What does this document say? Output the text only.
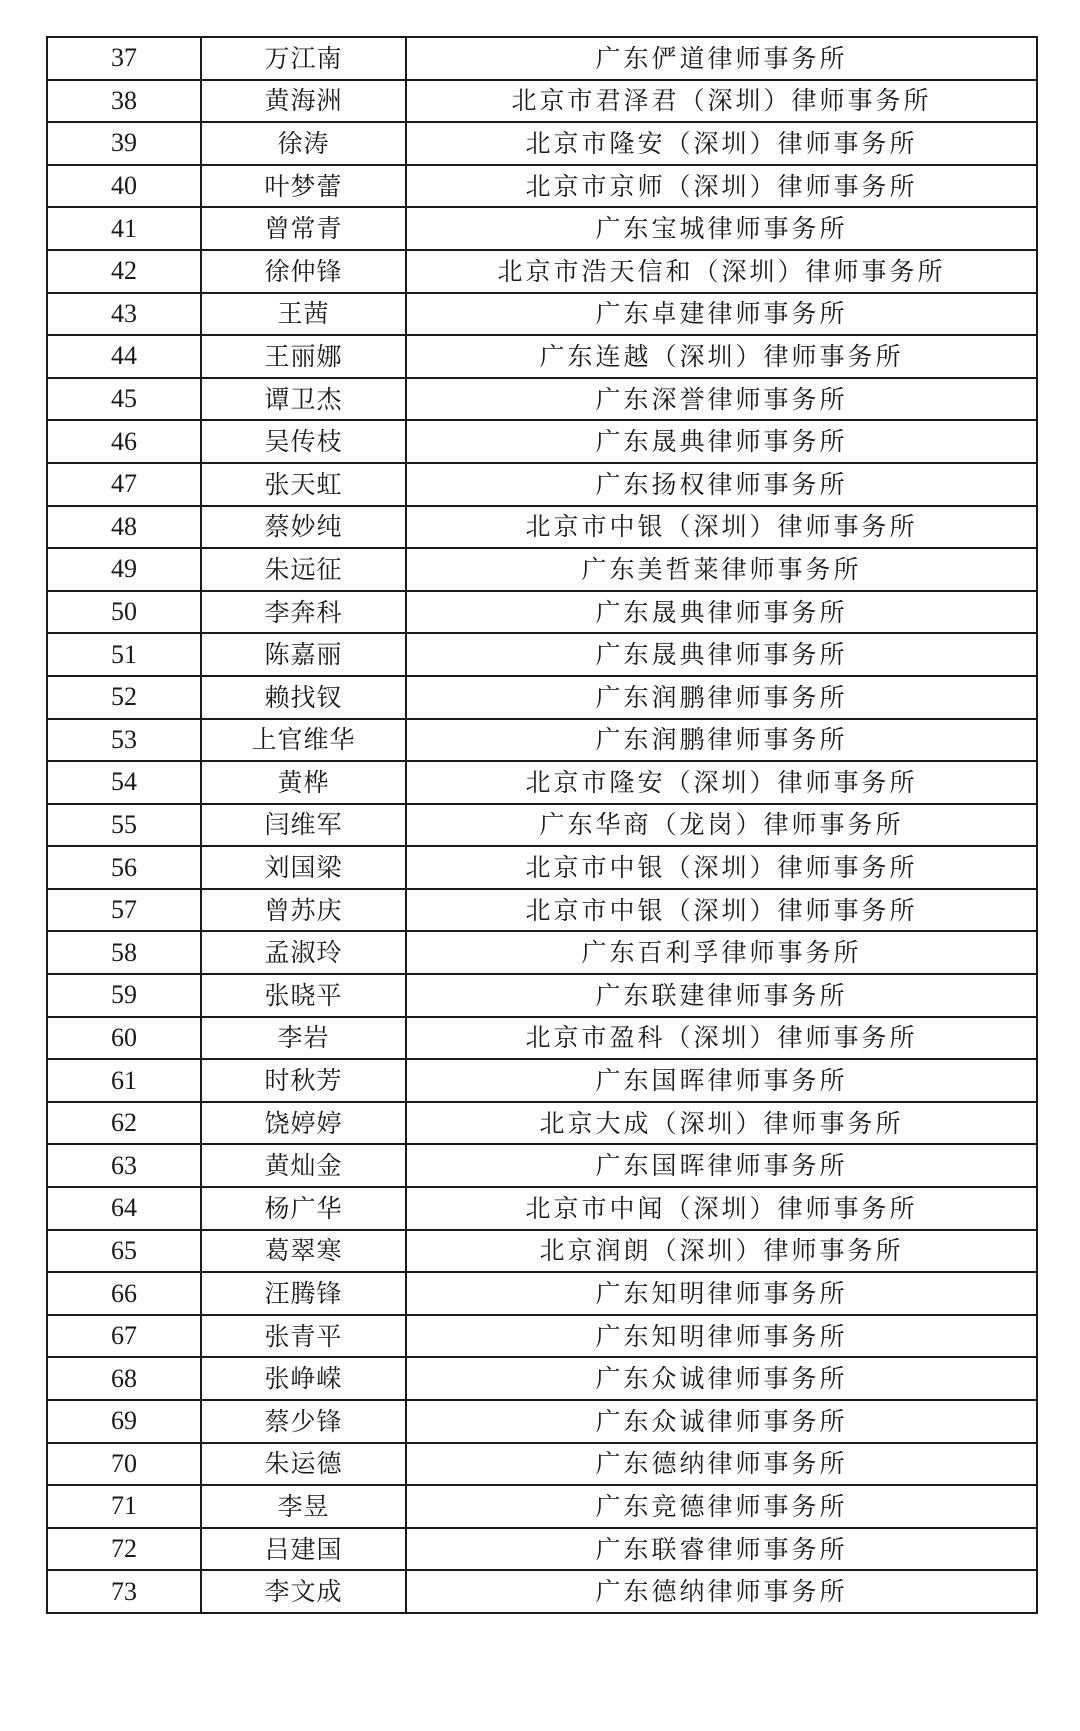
37	万江南	广东俨道律师事务所
38	黄海洲	北京市君泽君（深圳）律师事务所
39	徐涛	北京市隆安（深圳）律师事务所
40	叶梦蕾	北京市京师（深圳）律师事务所
41	曾常青	广东宝城律师事务所
42	徐仲锋	北京市浩天信和（深圳）律师事务所
43	王茜	广东卓建律师事务所
44	王丽娜	广东连越（深圳）律师事务所
45	谭卫杰	广东深誉律师事务所
46	吴传枝	广东晟典律师事务所
47	张天虹	广东扬权律师事务所
48	蔡妙纯	北京市中银（深圳）律师事务所
49	朱远征	广东美哲莱律师事务所
50	李奔科	广东晟典律师事务所
51	陈嘉丽	广东晟典律师事务所
52	赖找钗	广东润鹏律师事务所
53	上官维华	广东润鹏律师事务所
54	黄桦	北京市隆安（深圳）律师事务所
55	闫维军	广东华商（龙岗）律师事务所
56	刘国梁	北京市中银（深圳）律师事务所
57	曾苏庆	北京市中银（深圳）律师事务所
58	孟淑玲	广东百利孚律师事务所
59	张晓平	广东联建律师事务所
60	李岩	北京市盈科（深圳）律师事务所
61	时秋芳	广东国晖律师事务所
62	饶婷婷	北京大成（深圳）律师事务所
63	黄灿金	广东国晖律师事务所
64	杨广华	北京市中闻（深圳）律师事务所
65	葛翠寒	北京润朗（深圳）律师事务所
66	汪腾锋	广东知明律师事务所
67	张青平	广东知明律师事务所
68	张峥嵘	广东众诚律师事务所
69	蔡少锋	广东众诚律师事务所
70	朱运德	广东德纳律师事务所
71	李昱	广东竞德律师事务所
72	吕建国	广东联睿律师事务所
73	李文成	广东德纳律师事务所
